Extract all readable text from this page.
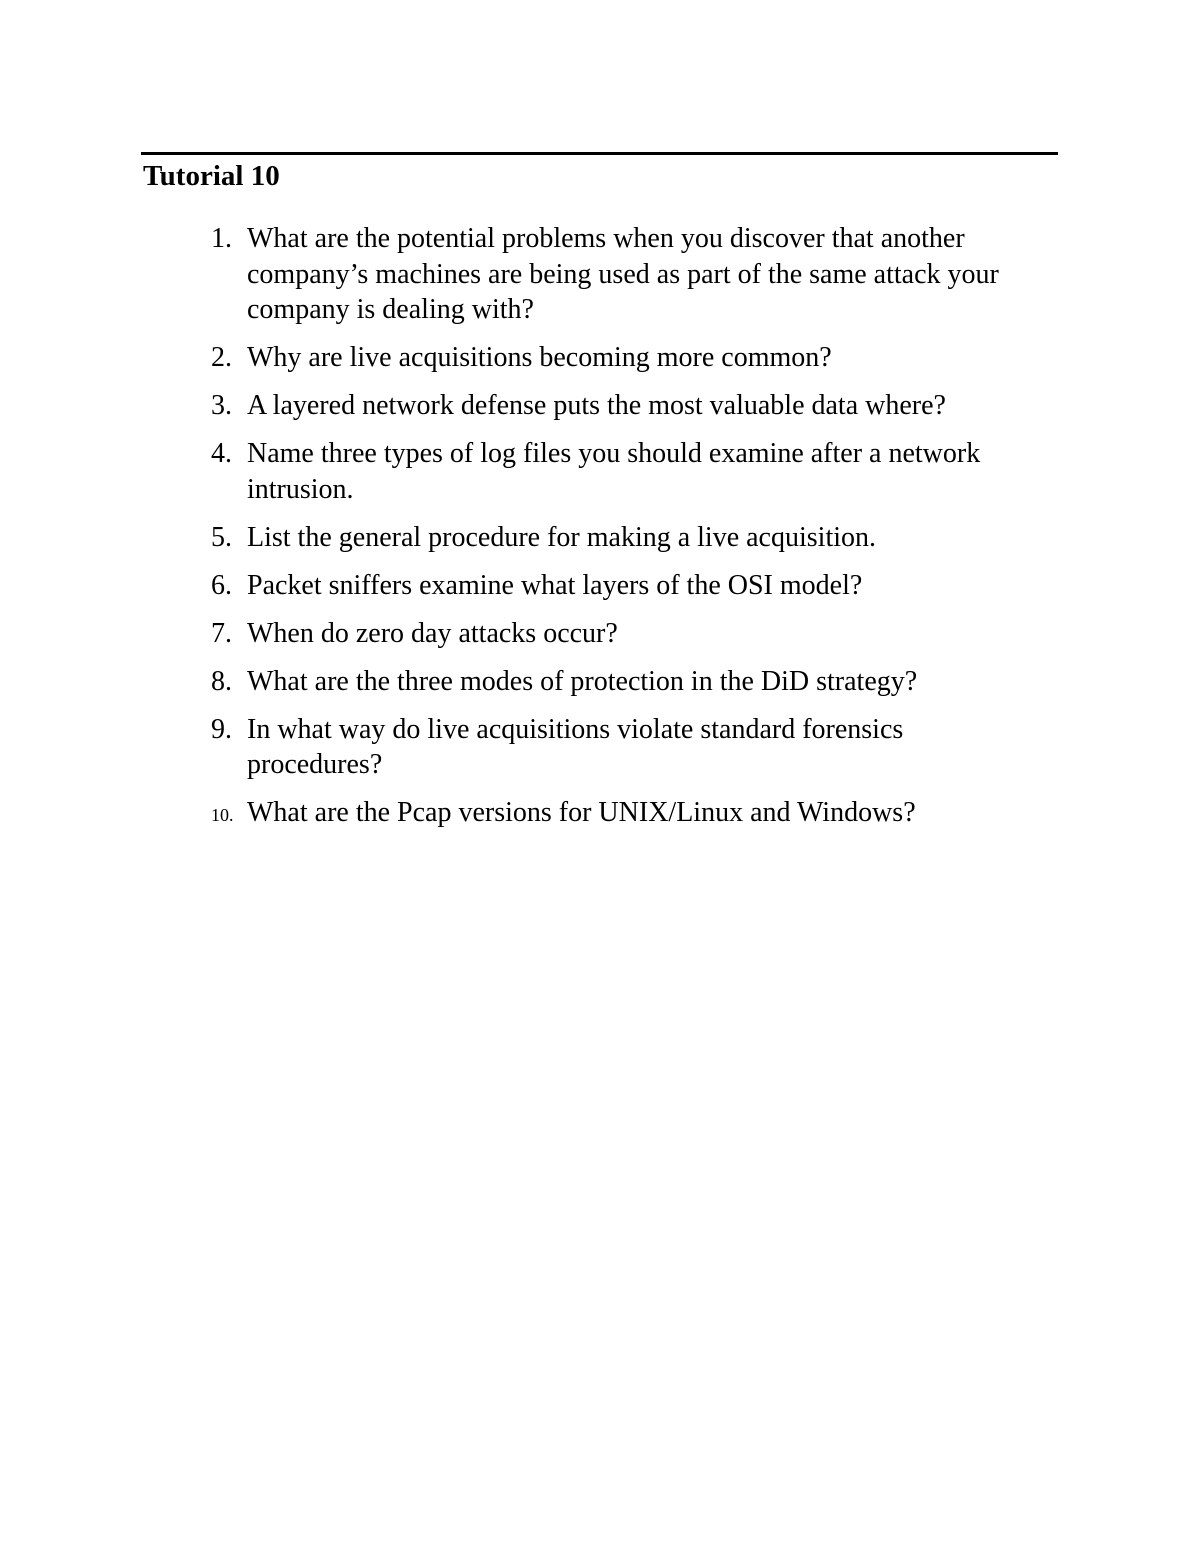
Tutorial 10
1. What are the potential problems when you discover that another company’s machines are being used as part of the same attack your company is dealing with?
2. Why are live acquisitions becoming more common?
3. A layered network defense puts the most valuable data where?
4. Name three types of log files you should examine after a network intrusion.
5. List the general procedure for making a live acquisition.
6. Packet sniffers examine what layers of the OSI model?
7. When do zero day attacks occur?
8. What are the three modes of protection in the DiD strategy?
9. In what way do live acquisitions violate standard forensics procedures?
10. What are the Pcap versions for UNIX/Linux and Windows?
